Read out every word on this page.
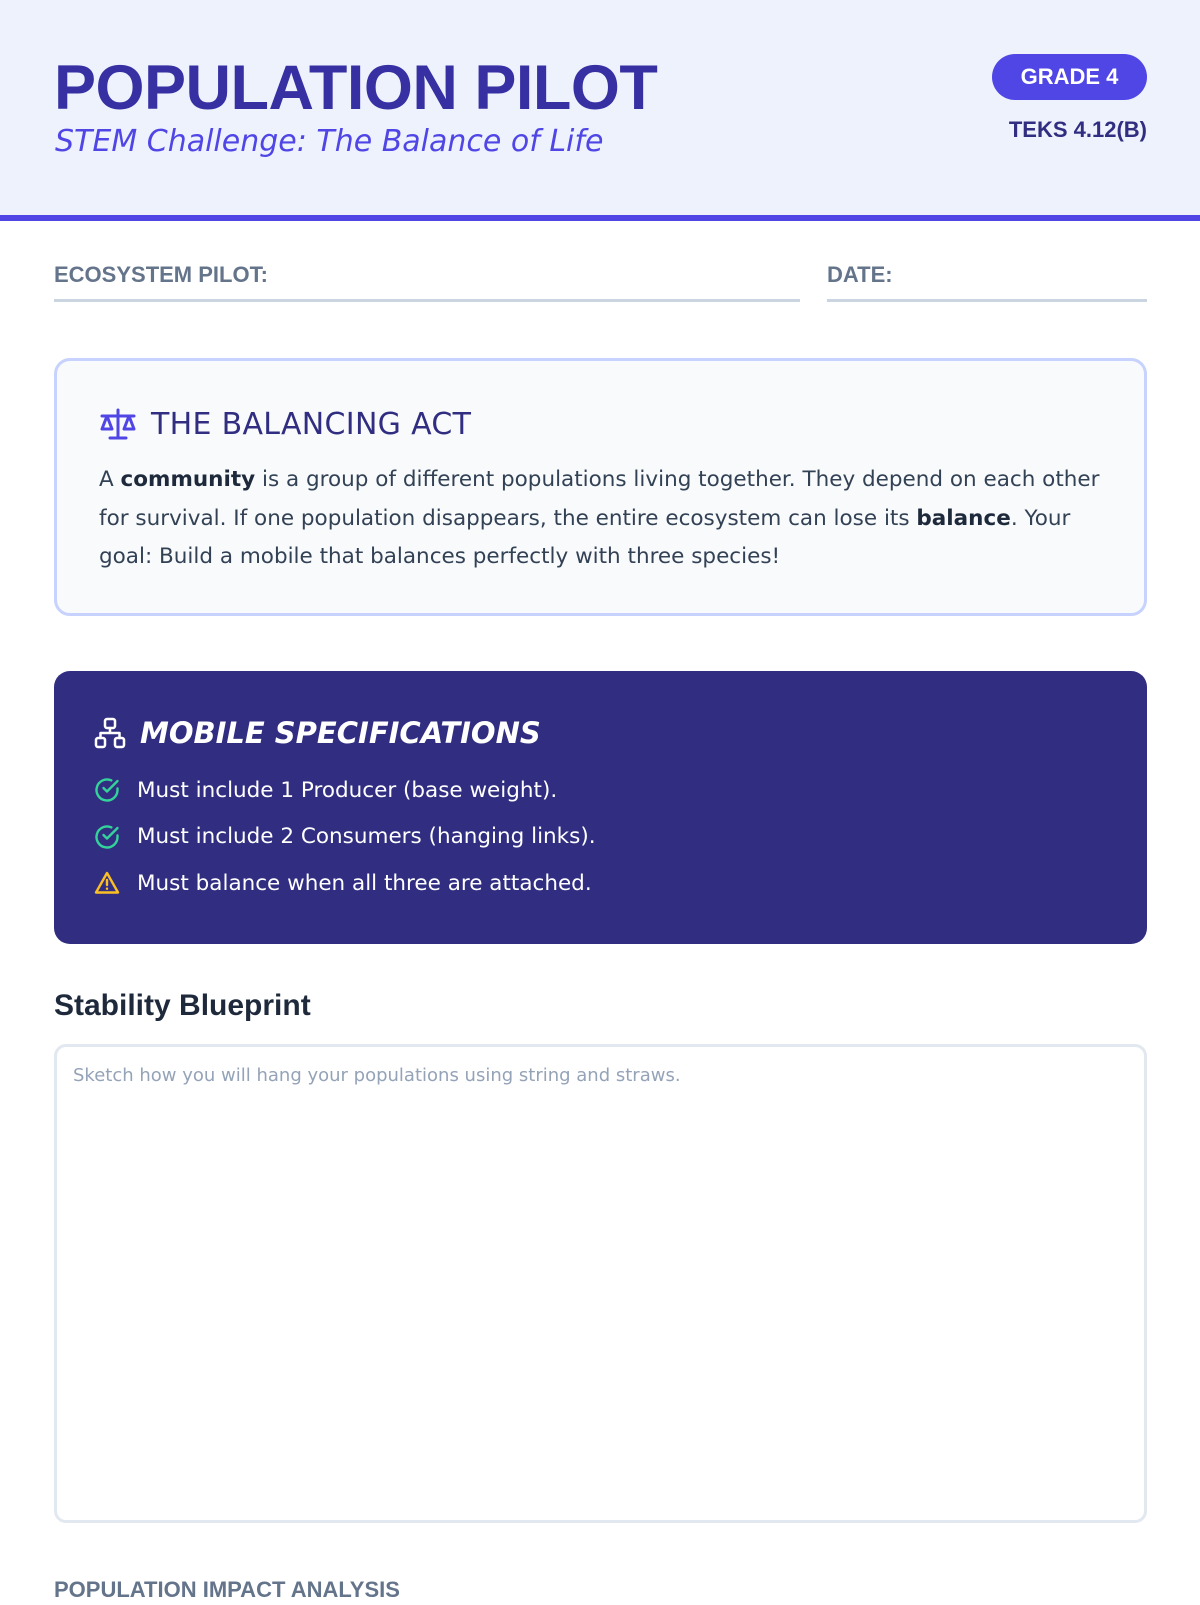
POPULATION PILOT
STEM Challenge: The Balance of Life
GRADE 4
TEKS 4.12(B)
ECOSYSTEM PILOT:	DATE:
THE BALANCING ACT

A community is a group of different populations living together. They depend on each other for survival. If one population disappears, the entire ecosystem can lose its balance. Your goal: Build a mobile that balances perfectly with three species!

MOBILE SPECIFICATIONS
Must include 1 Producer (base weight).
Must include 2 Consumers (hanging links).
Must balance when all three are attached.
Stability Blueprint
Sketch how you will hang your populations using string and straws.
POPULATION IMPACT ANALYSIS
